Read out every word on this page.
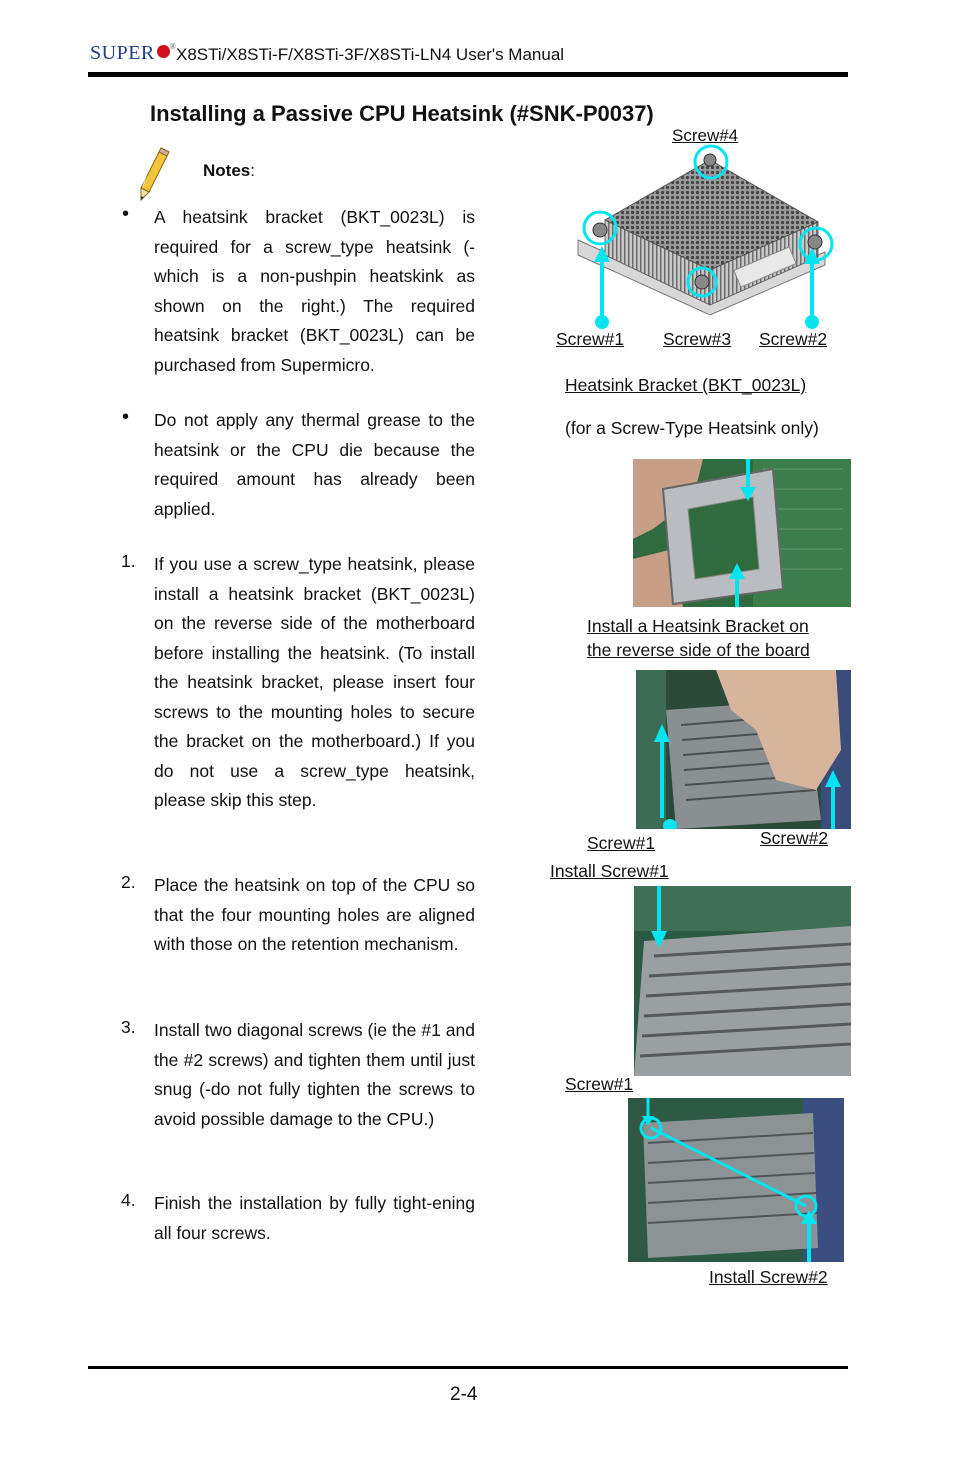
SUPER ® X8STi/X8STi-F/X8STi-3F/X8STi-LN4 User's Manual
Installing a Passive CPU Heatsink (#SNK-P0037)
Notes:
• A heatsink bracket (BKT_0023L) is required for a screw_type heatsink (-which is a non-pushpin heatskink as shown on the right.) The required heatsink bracket (BKT_0023L) can be purchased from Supermicro.
• Do not apply any thermal grease to the heatsink or the CPU die because the required amount has already been applied.
1. If you use a screw_type heatsink, please install a heatsink bracket (BKT_0023L) on the reverse side of the motherboard before installing the heatsink. (To install the heatsink bracket, please insert four screws to the mounting holes to secure the bracket on the motherboard.) If you do not use a screw_type heatsink, please skip this step.
2. Place the heatsink on top of the CPU so that the four mounting holes are aligned with those on the retention mechanism.
3. Install two diagonal screws (ie the #1 and the #2 screws) and tighten them until just snug (-do not fully tighten the screws to avoid possible damage to the CPU.)
4. Finish the installation by fully tight-ening all four screws.
Screw#4
Screw#1 Screw#3 Screw#2
Heatsink Bracket (BKT_0023L)
(for a Screw-Type Heatsink only)
Install a Heatsink Bracket on
the reverse side of the board
Screw#1	Screw#2
Install Screw#1
Screw#1
Install Screw#2
2-4
